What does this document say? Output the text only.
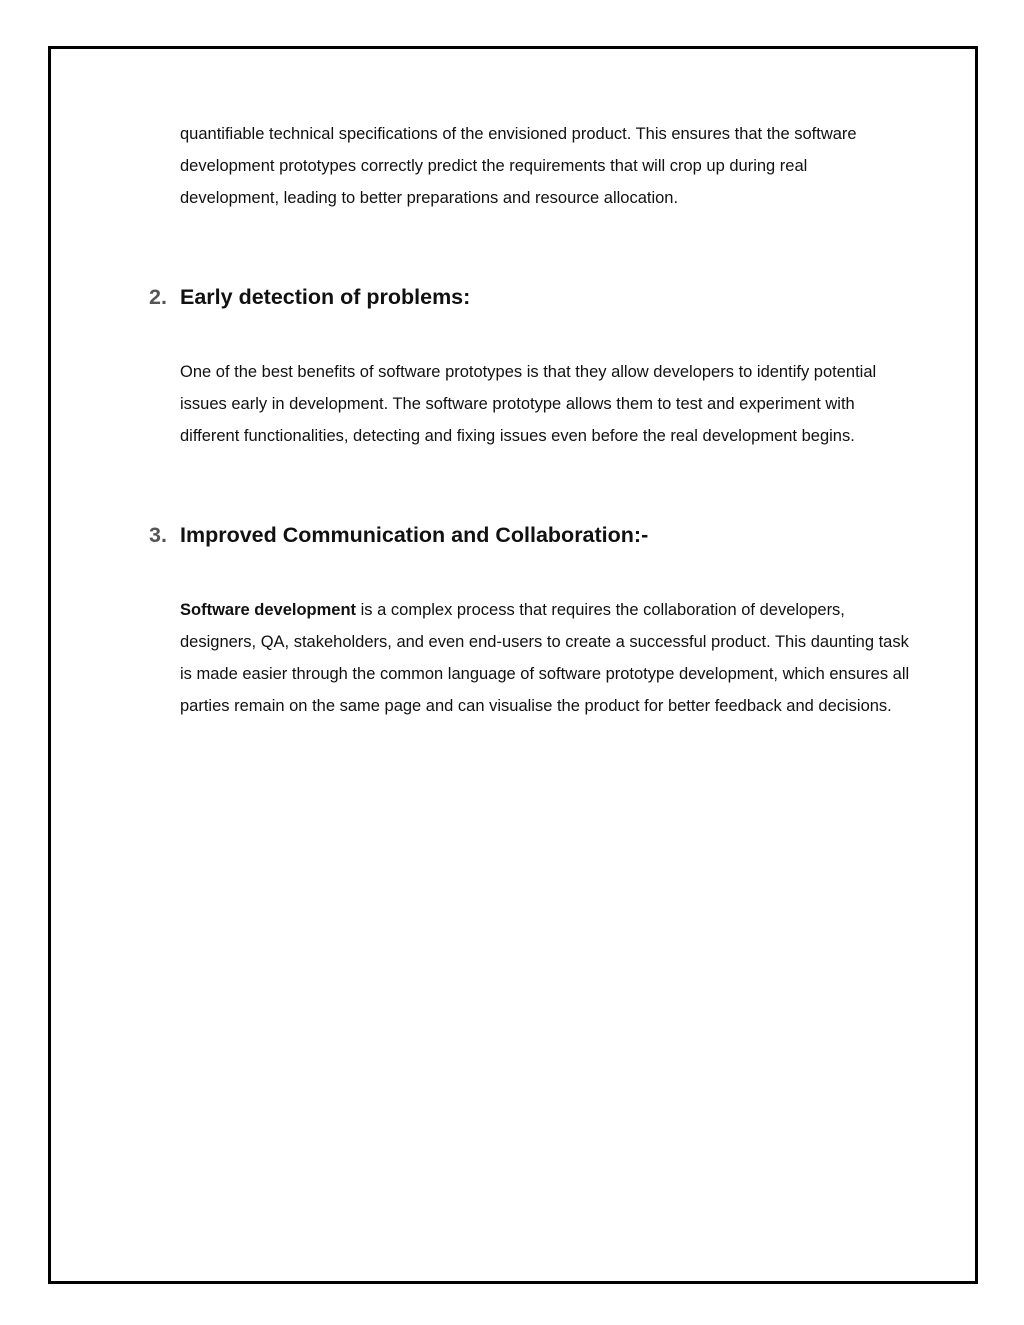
quantifiable technical specifications of the envisioned product. This ensures that the software development prototypes correctly predict the requirements that will crop up during real development, leading to better preparations and resource allocation.

2. Early detection of problems:

One of the best benefits of software prototypes is that they allow developers to identify potential issues early in development. The software prototype allows them to test and experiment with different functionalities, detecting and fixing issues even before the real development begins.

3. Improved Communication and Collaboration:-

Software development is a complex process that requires the collaboration of developers, designers, QA, stakeholders, and even end-users to create a successful product. This daunting task is made easier through the common language of software prototype development, which ensures all parties remain on the same page and can visualise the product for better feedback and decisions.
